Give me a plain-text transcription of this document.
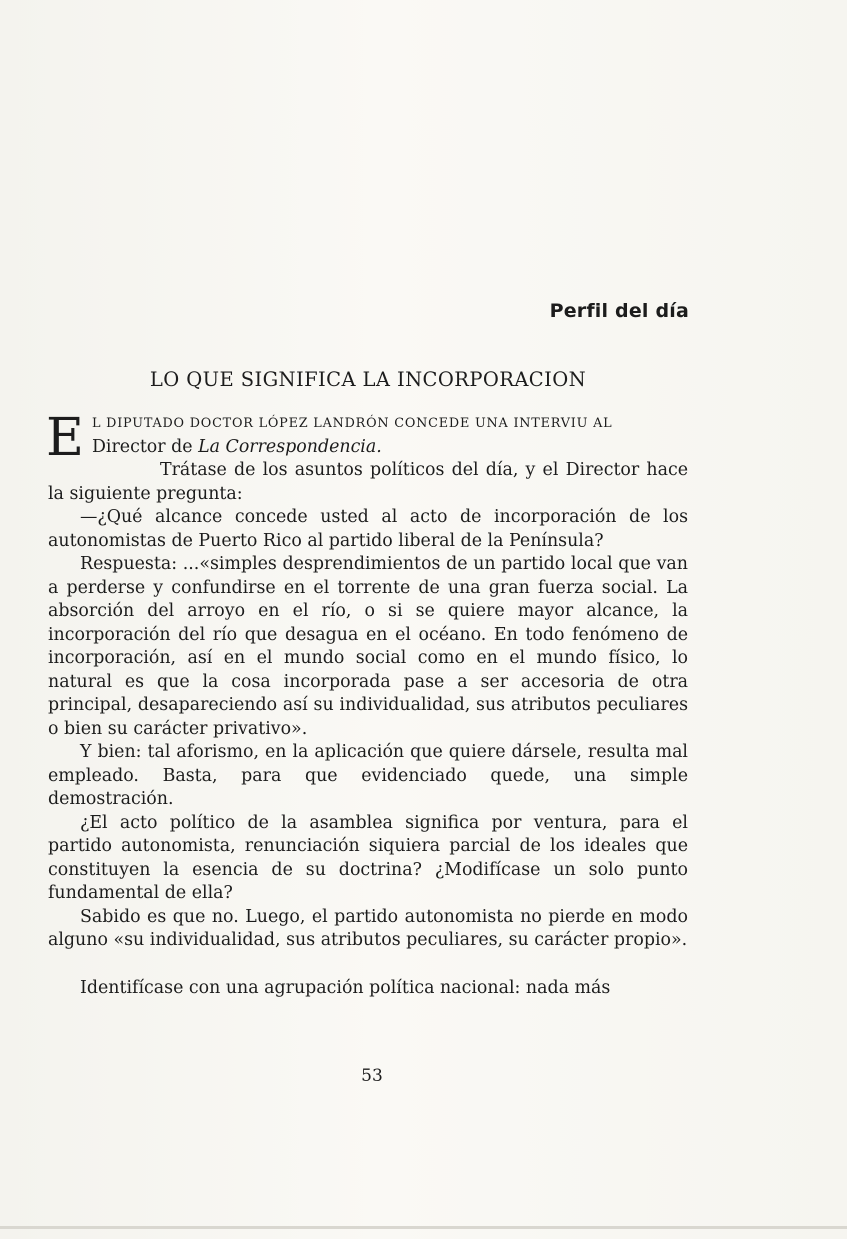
Perfil del día
LO QUE SIGNIFICA LA INCORPORACION

E L DIPUTADO DOCTOR LÓPEZ LANDRÓN CONCEDE UNA INTERVIU AL
Director de La Correspondencia.

Trátase de los asuntos políticos del día, y el Director hace la siguiente pregunta:

—¿Qué alcance concede usted al acto de incorporación de los autonomistas de Puerto Rico al partido liberal de la Península?

Respuesta: ...«simples desprendimientos de un partido local que van a perderse y confundirse en el torrente de una gran fuerza social. La absorción del arroyo en el río, o si se quiere mayor alcance, la incorporación del río que desagua en el océano. En todo fenómeno de incorporación, así en el mundo social como en el mundo físico, lo natural es que la cosa incorporada pase a ser accesoria de otra principal, desapareciendo así su individualidad, sus atributos peculiares o bien su carácter privativo».

Y bien: tal aforismo, en la aplicación que quiere dársele, resulta mal empleado. Basta, para que evidenciado quede, una simple demostración.

¿El acto político de la asamblea significa por ventura, para el partido autonomista, renunciación siquiera parcial de los ideales que constituyen la esencia de su doctrina? ¿Modifícase un solo punto fundamental de ella?

Sabido es que no. Luego, el partido autonomista no pierde en modo alguno «su individualidad, sus atributos peculiares, su carácter propio».

Identifícase con una agrupación política nacional: nada más

53
